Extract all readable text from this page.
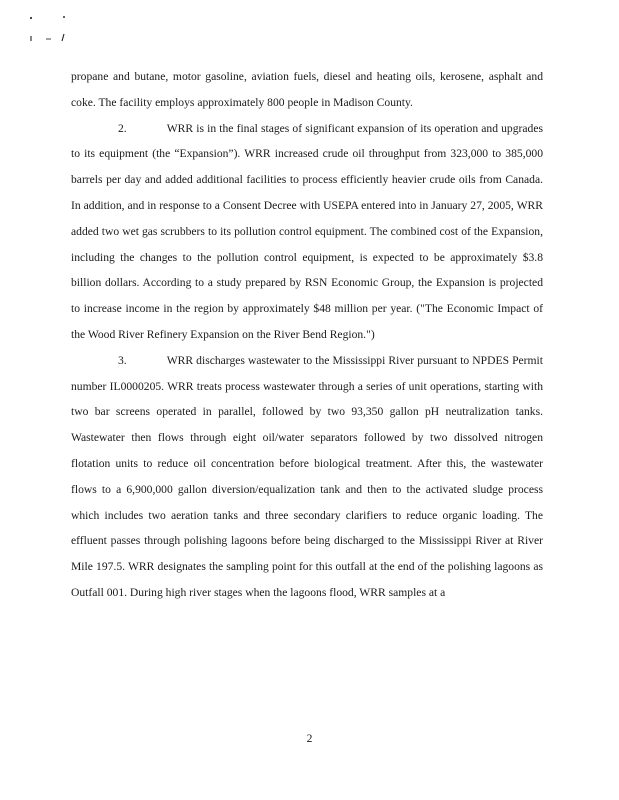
propane and butane, motor gasoline, aviation fuels, diesel and heating oils, kerosene, asphalt and coke. The facility employs approximately 800 people in Madison County.

2.	WRR is in the final stages of significant expansion of its operation and upgrades to its equipment (the “Expansion”). WRR increased crude oil throughput from 323,000 to 385,000 barrels per day and added additional facilities to process efficiently heavier crude oils from Canada. In addition, and in response to a Consent Decree with USEPA entered into in January 27, 2005, WRR added two wet gas scrubbers to its pollution control equipment. The combined cost of the Expansion, including the changes to the pollution control equipment, is expected to be approximately $3.8 billion dollars. According to a study prepared by RSN Economic Group, the Expansion is projected to increase income in the region by approximately $48 million per year. ("The Economic Impact of the Wood River Refinery Expansion on the River Bend Region.")

3.	WRR discharges wastewater to the Mississippi River pursuant to NPDES Permit number IL0000205. WRR treats process wastewater through a series of unit operations, starting with two bar screens operated in parallel, followed by two 93,350 gallon pH neutralization tanks. Wastewater then flows through eight oil/water separators followed by two dissolved nitrogen flotation units to reduce oil concentration before biological treatment. After this, the wastewater flows to a 6,900,000 gallon diversion/equalization tank and then to the activated sludge process which includes two aeration tanks and three secondary clarifiers to reduce organic loading. The effluent passes through polishing lagoons before being discharged to the Mississippi River at River Mile 197.5. WRR designates the sampling point for this outfall at the end of the polishing lagoons as Outfall 001. During high river stages when the lagoons flood, WRR samples at a

2
